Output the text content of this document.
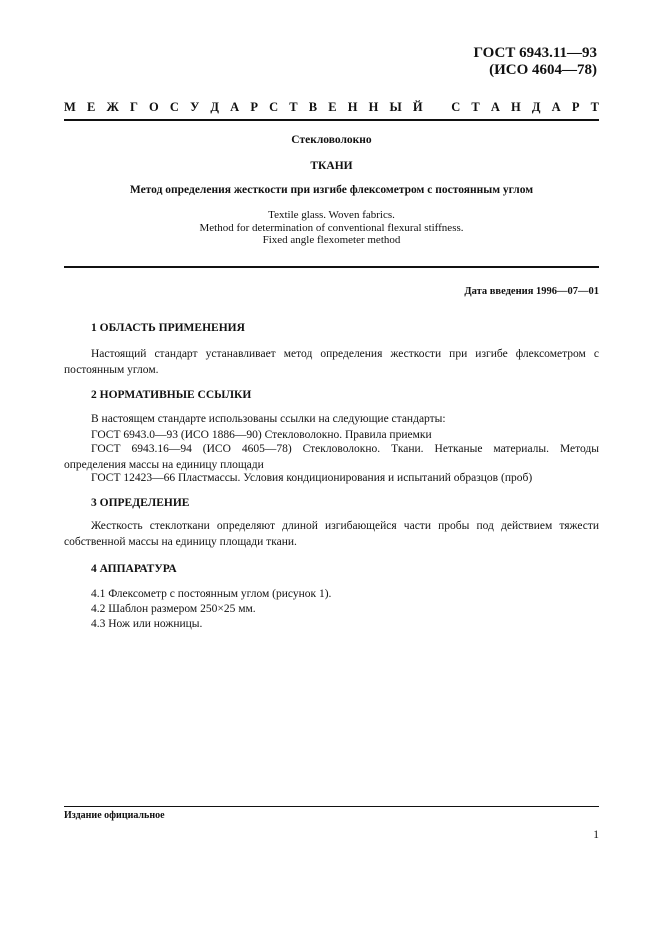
ГОСТ 6943.11—93
(ИСО 4604—78)
М Е Ж Г О С У Д А Р С Т В Е Н Н Ы Й
С Т А Н Д А Р Т
Стекловолокно
ТКАНИ
Метод определения жесткости при изгибе флексометром с постоянным углом
Textile glass. Woven fabrics.
Method for determination of conventional flexural stiffness.
Fixed angle flexometer method
Дата введения 1996—07—01
1 ОБЛАСТЬ ПРИМЕНЕНИЯ
Настоящий стандарт устанавливает метод определения жесткости при изгибе флексометром с постоянным углом.
2 НОРМАТИВНЫЕ ССЫЛКИ
В настоящем стандарте использованы ссылки на следующие стандарты:
ГОСТ 6943.0—93 (ИСО 1886—90) Стекловолокно. Правила приемки
ГОСТ 6943.16—94 (ИСО 4605—78) Стекловолокно. Ткани. Нетканые материалы. Методы определения массы на единицу площади
ГОСТ 12423—66 Пластмассы. Условия кондиционирования и испытаний образцов (проб)
3 ОПРЕДЕЛЕНИЕ
Жесткость стеклоткани определяют длиной изгибающейся части пробы под действием тяжести собственной массы на единицу площади ткани.
4 АППАРАТУРА
4.1 Флексометр с постоянным углом (рисунок 1).
4.2 Шаблон размером 250×25 мм.
4.3 Нож или ножницы.
Издание официальное
1
